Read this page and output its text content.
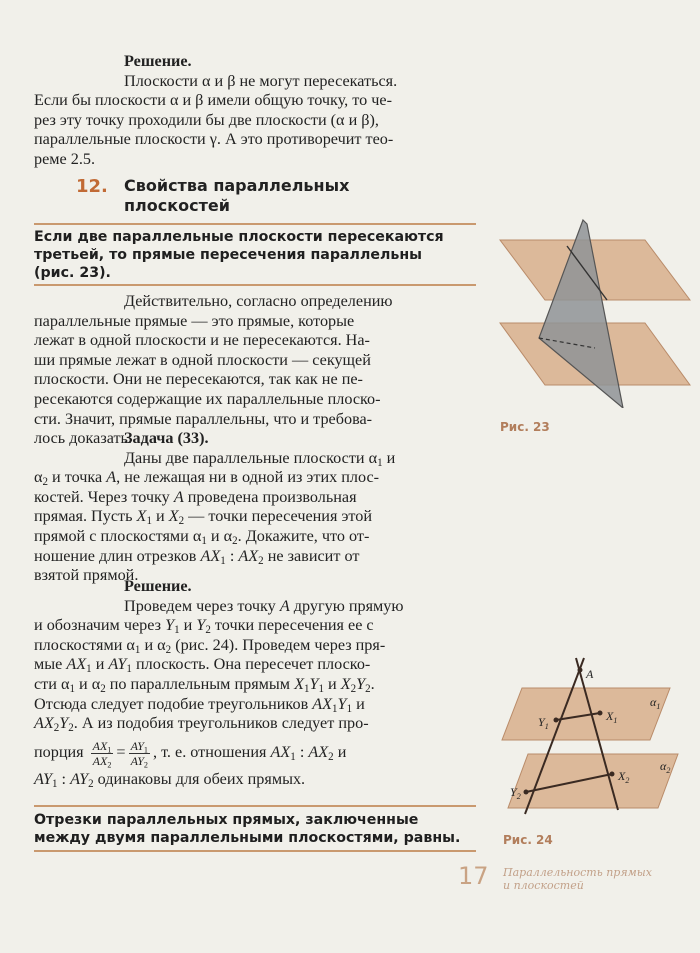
Решение.

Плоскости α и β не могут пересекаться.

Если бы плоскости α и β имели общую точку, то че-

рез эту точку проходили бы две плоскости (α и β),

параллельные плоскости γ. А это противоречит тео-

реме 2.5.

12. Свойства параллельных
плоскостей
Если две параллельные плоскости пересекаются
третьей, то прямые пересечения параллельны
(рис. 23).

Действительно, согласно определению

параллельные прямые — это прямые, которые

лежат в одной плоскости и не пересекаются. На-

ши прямые лежат в одной плоскости — секущей

плоскости. Они не пересекаются, так как не пе-

ресекаются содержащие их параллельные плоско-

сти. Значит, прямые параллельны, что и требова-

лось доказать.

Задача (33).

Даны две параллельные плоскости $\alpha_1$ и

$\alpha_2$ и точка A, не лежащая ни в одной из этих плос-

костей. Через точку A проведена произвольная

прямая. Пусть $X_1$ и $X_2$ — точки пересечения этой

прямой с плоскостями $\alpha_1$ и $\alpha_2$. Докажите, что от-

ношение длин отрезков $AX_1$ : $AX_2$ не зависит от

взятой прямой.

Решение.

Проведем через точку A другую прямую

и обозначим через $Y_1$ и $Y_2$ точки пересечения ее с

плоскостями $\alpha_1$ и $\alpha_2$ (рис. 24). Проведем через пря-

мые $AX_1$ и $AY_1$ плоскость. Она пересечет плоско-

сти $\alpha_1$ и $\alpha_2$ по параллельным прямым $X_1Y_1$ и $X_2Y_2$.

Отсюда следует подобие треугольников $AX_1Y_1$ и

$AX_2Y_2$. А из подобия треугольников следует про-

порция $\frac{AX_1}{AX_2} = \frac{AY_1}{AY_2}$ , т. е. отношения $AX_1$ : $AX_2$ и

$AY_1$ : $AY_2$ одинаковы для обеих прямых.

Отрезки параллельных прямых, заключенные
между двумя параллельными плоскостями, равны.
Рис. 23
A
$X_1$
$Y_1$
$X_2$
$Y_2$
$\alpha_1$
$\alpha_2$
Рис. 24
17 Параллельность прямых
и плоскостей
